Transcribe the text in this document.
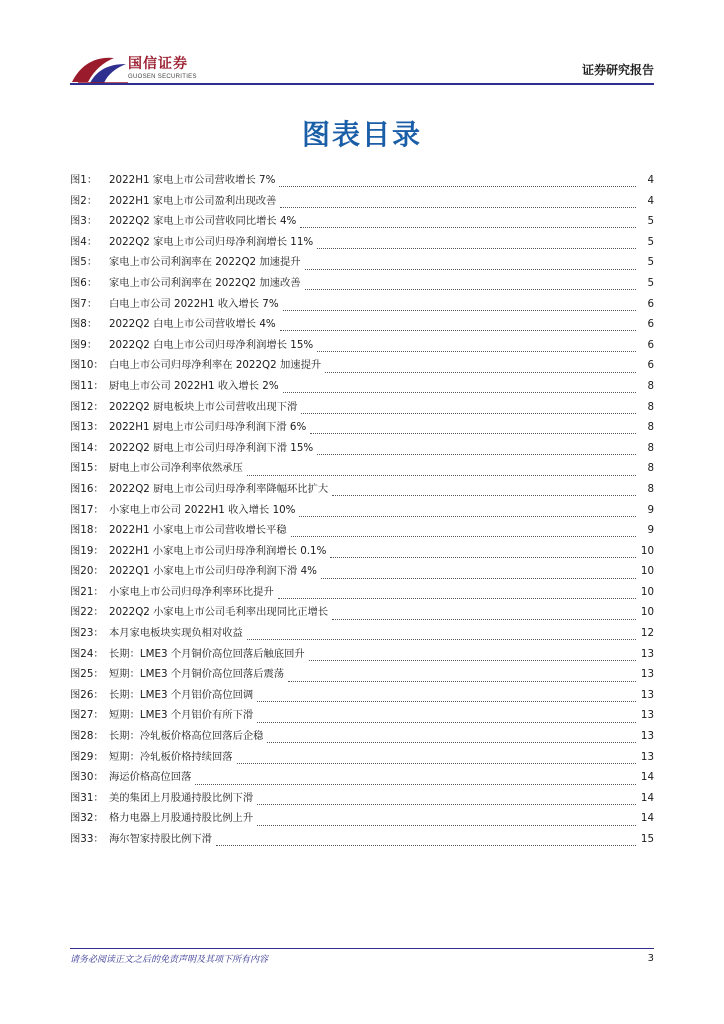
国信证券
GUOSEN SECURITIES	证券研究报告
图表目录
图1：	2022H1 家电上市公司营收增长 7%	4
图2：	2022H1 家电上市公司盈利出现改善	4
图3：	2022Q2 家电上市公司营收同比增长 4%	5
图4：	2022Q2 家电上市公司归母净利润增长 11%	5
图5：	家电上市公司利润率在 2022Q2 加速提升	5
图6：	家电上市公司利润率在 2022Q2 加速改善	5
图7：	白电上市公司 2022H1 收入增长 7%	6
图8：	2022Q2 白电上市公司营收增长 4%	6
图9：	2022Q2 白电上市公司归母净利润增长 15%	6
图10： 白电上市公司归母净利率在 2022Q2 加速提升	6
图11： 厨电上市公司 2022H1 收入增长 2%	8
图12： 2022Q2 厨电板块上市公司营收出现下滑	8
图13： 2022H1 厨电上市公司归母净利润下滑 6%	8
图14： 2022Q2 厨电上市公司归母净利润下滑 15%	8
图15： 厨电上市公司净利率依然承压	8
图16： 2022Q2 厨电上市公司归母净利率降幅环比扩大	8
图17： 小家电上市公司 2022H1 收入增长 10%	9
图18： 2022H1 小家电上市公司营收增长平稳	9
图19： 2022H1 小家电上市公司归母净利润增长 0.1%	10
图20： 2022Q1 小家电上市公司归母净利润下滑 4%	10
图21： 小家电上市公司归母净利率环比提升	10
图22： 2022Q2 小家电上市公司毛利率出现同比正增长	10
图23： 本月家电板块实现负相对收益	12
图24： 长期：LME3 个月铜价高位回落后触底回升	13
图25： 短期：LME3 个月铜价高位回落后震荡	13
图26： 长期：LME3 个月铝价高位回调	13
图27： 短期：LME3 个月铝价有所下滑	13
图28： 长期：冷轧板价格高位回落后企稳	13
图29： 短期：冷轧板价格持续回落	13
图30： 海运价格高位回落	14
图31： 美的集团上月股通持股比例下滑	14
图32： 格力电器上月股通持股比例上升	14
图33： 海尔智家持股比例下滑	15
请务必阅读正文之后的免责声明及其项下所有内容	3
